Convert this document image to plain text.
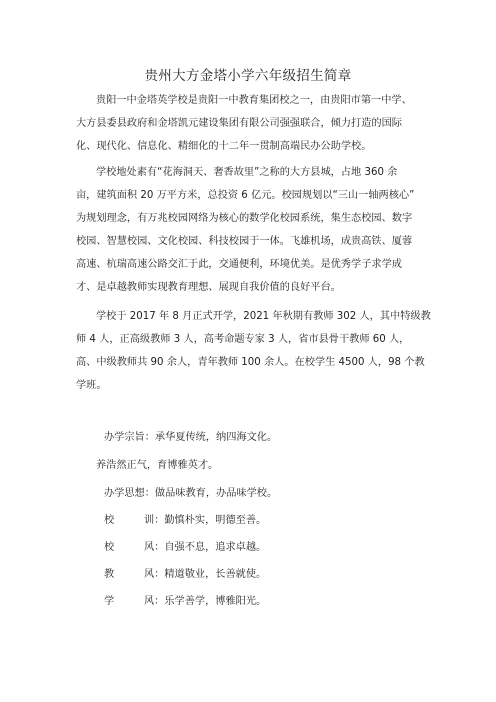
贵州大方金塔小学六年级招生简章
贵阳一中金塔英学校是贵阳一中教育集团校之一，由贵阳市第一中学、
大方县委县政府和金塔凯元建设集团有限公司强强联合，倾力打造的国际
化、现代化、信息化、精细化的十二年一贯制高端民办公助学校。
学校地处素有“花海洞天、奢香故里”之称的大方县城，占地 360 余
亩，建筑面积 20 万平方米，总投资 6 亿元。校园规划以“三山一轴两核心”
为规划理念，有万兆校园网络为核心的数学化校园系统，集生态校园、数字
校园、智慧校园、文化校园、科技校园于一体。飞雄机场，成贵高铁、厦蓉
高速、杭瑞高速公路交汇于此，交通便利，环境优美。是优秀学子求学成
才、是卓越教师实现教育理想、展现自我价值的良好平台。
学校于 2017 年 8 月正式开学，2021 年秋期有教师 302 人，其中特级教
师 4 人，正高级教师 3 人，高考命题专家 3 人，省市县骨干教师 60 人，
高、中级教师共 90 余人，青年教师 100 余人。在校学生 4500 人，98 个教
学班。
办学宗旨：承华夏传统，纳四海文化。
养浩然正气，育博雅英才。
办学思想：做品味教育，办品味学校。
校	训：勤慎朴实，明德至善。
校	风：自强不息，追求卓越。
教	风：精道敬业，长善就使。
学	风：乐学善学，博雅阳光。
